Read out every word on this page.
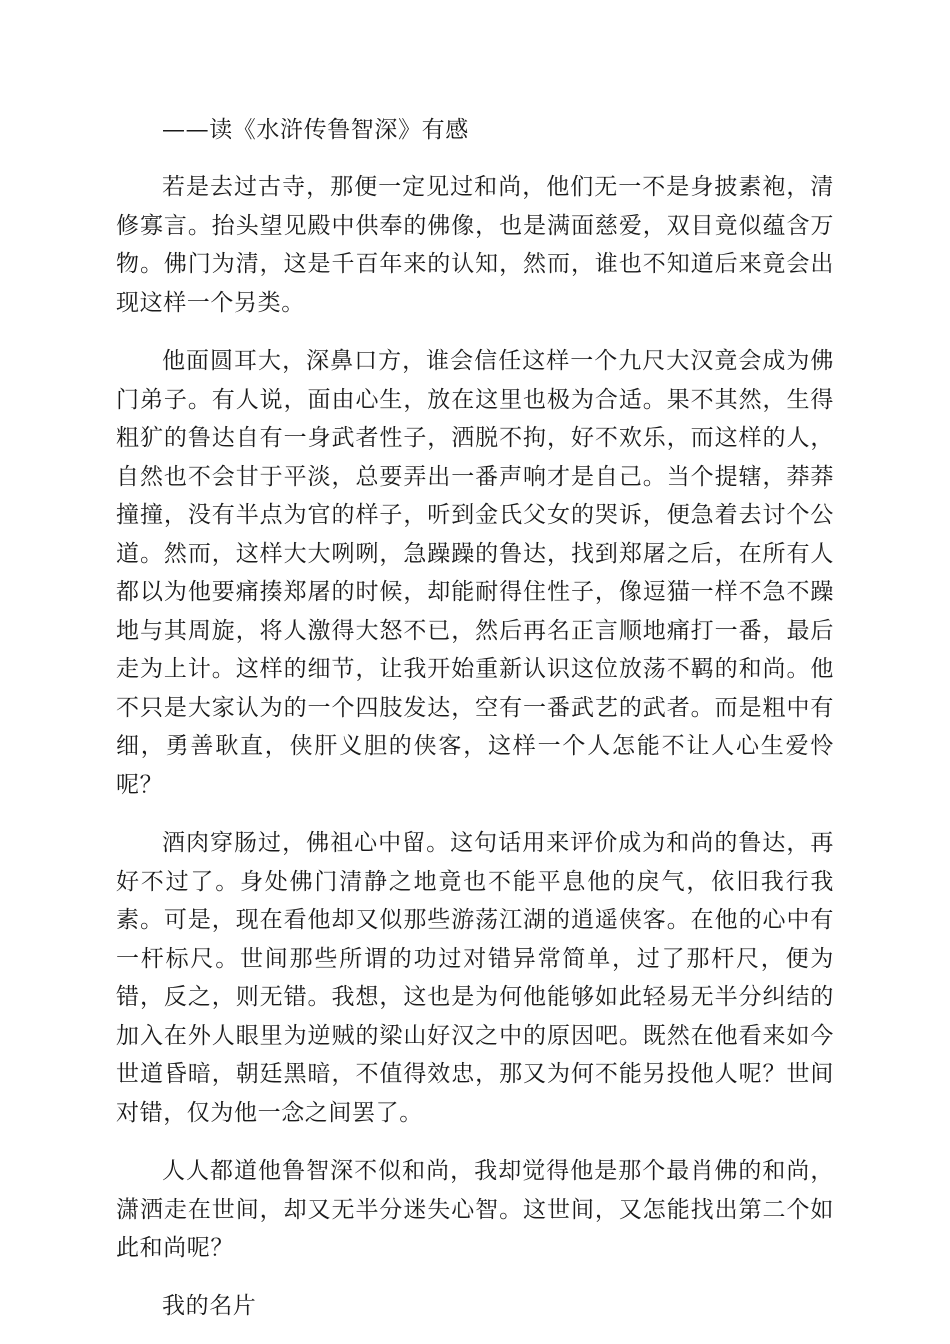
——读《水浒传鲁智深》有感

若是去过古寺，那便一定见过和尚，他们无一不是身披素袍，清修寡言。抬头望见殿中供奉的佛像，也是满面慈爱，双目竟似蕴含万物。佛门为清，这是千百年来的认知，然而，谁也不知道后来竟会出现这样一个另类。

他面圆耳大，深鼻口方，谁会信任这样一个九尺大汉竟会成为佛门弟子。有人说，面由心生，放在这里也极为合适。果不其然，生得粗犷的鲁达自有一身武者性子，洒脱不拘，好不欢乐，而这样的人，自然也不会甘于平淡，总要弄出一番声响才是自己。当个提辖，莽莽撞撞，没有半点为官的样子，听到金氏父女的哭诉，便急着去讨个公道。然而，这样大大咧咧，急躁躁的鲁达，找到郑屠之后，在所有人都以为他要痛揍郑屠的时候，却能耐得住性子，像逗猫一样不急不躁地与其周旋，将人激得大怒不已，然后再名正言顺地痛打一番，最后走为上计。这样的细节，让我开始重新认识这位放荡不羁的和尚。他不只是大家认为的一个四肢发达，空有一番武艺的武者。而是粗中有细，勇善耿直，侠肝义胆的侠客，这样一个人怎能不让人心生爱怜呢？

酒肉穿肠过，佛祖心中留。这句话用来评价成为和尚的鲁达，再好不过了。身处佛门清静之地竟也不能平息他的戾气，依旧我行我素。可是，现在看他却又似那些游荡江湖的逍遥侠客。在他的心中有一杆标尺。世间那些所谓的功过对错异常简单，过了那杆尺，便为错，反之，则无错。我想，这也是为何他能够如此轻易无半分纠结的加入在外人眼里为逆贼的梁山好汉之中的原因吧。既然在他看来如今世道昏暗，朝廷黑暗，不值得效忠，那又为何不能另投他人呢？世间对错，仅为他一念之间罢了。

人人都道他鲁智深不似和尚，我却觉得他是那个最肖佛的和尚，潇洒走在世间，却又无半分迷失心智。这世间，又怎能找出第二个如此和尚呢？

我的名片
